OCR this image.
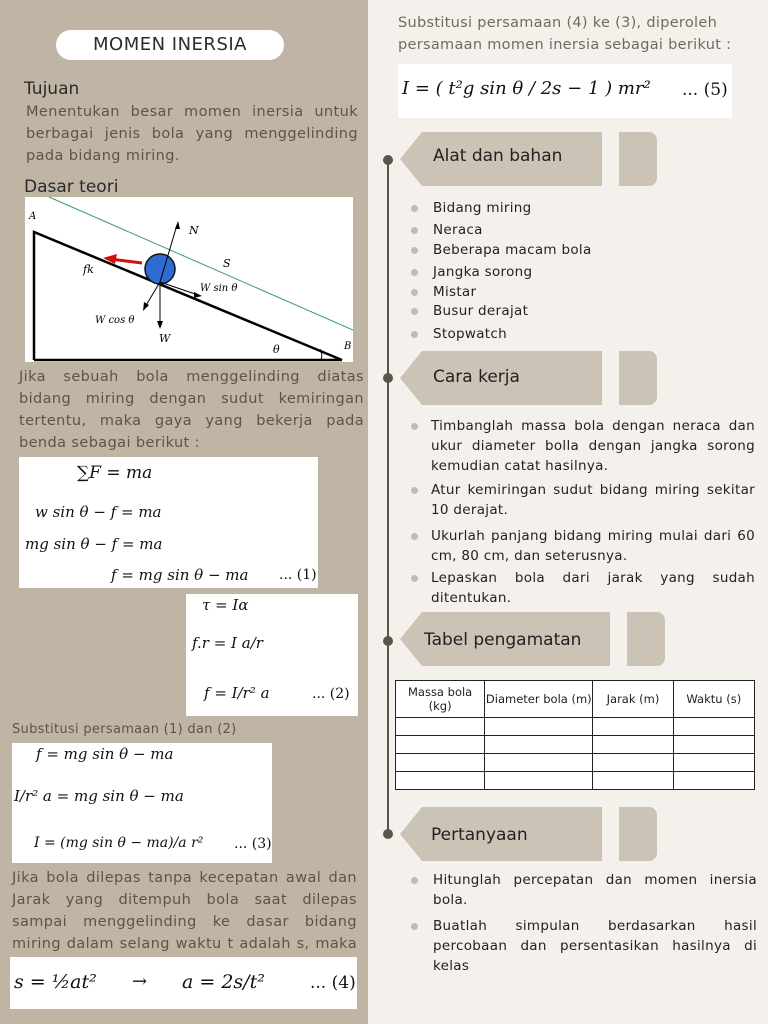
MOMEN INERSIA
Tujuan
Menentukan besar momen inersia untuk berbagai jenis bola yang menggelinding pada bidang miring.
Dasar teori
A
B
N
S
fk
W sin θ
W cos θ
W
θ
Jika sebuah bola menggelinding diatas bidang miring dengan sudut kemiringan tertentu, maka gaya yang bekerja pada benda sebagai berikut :
∑F = ma
w sin θ − f = ma
mg sin θ − f = ma
f = mg sin θ − ma ... (1)
τ = Iα
f.r = I a/r
f = I/r² a	... (2)
Substitusi persamaan (1) dan (2)
f = mg sin θ − ma
I/r² a = mg sin θ − ma
I = (mg sin θ − ma)/a r² ... (3)
Jika bola dilepas tanpa kecepatan awal dan Jarak yang ditempuh bola saat dilepas sampai menggelinding ke dasar bidang miring dalam selang waktu t adalah s, maka
s = ½at² → a = 2s/t²	... (4)
Substitusi persamaan (4) ke (3), diperoleh persamaan momen inersia sebagai berikut :
I = ( t²g sin θ / 2s − 1 ) mr² ... (5)
Alat dan bahan
Bidang miring
Neraca
Beberapa macam bola
Jangka sorong
Mistar
Busur derajat
Stopwatch
Cara kerja
Timbanglah massa bola dengan neraca dan ukur diameter bolla dengan jangka sorong kemudian catat hasilnya.
Atur kemiringan sudut bidang miring sekitar 10 derajat.
Ukurlah panjang bidang miring mulai dari 60 cm, 80 cm, dan seterusnya.
Lepaskan bola dari jarak yang sudah ditentukan.
Tabel pengamatan
Massa bola (kg)	Diameter bola (m)	Jarak (m)	Waktu (s)

Pertanyaan
Hitunglah percepatan dan momen inersia bola.
Buatlah simpulan berdasarkan hasil percobaan dan persentasikan hasilnya di kelas
